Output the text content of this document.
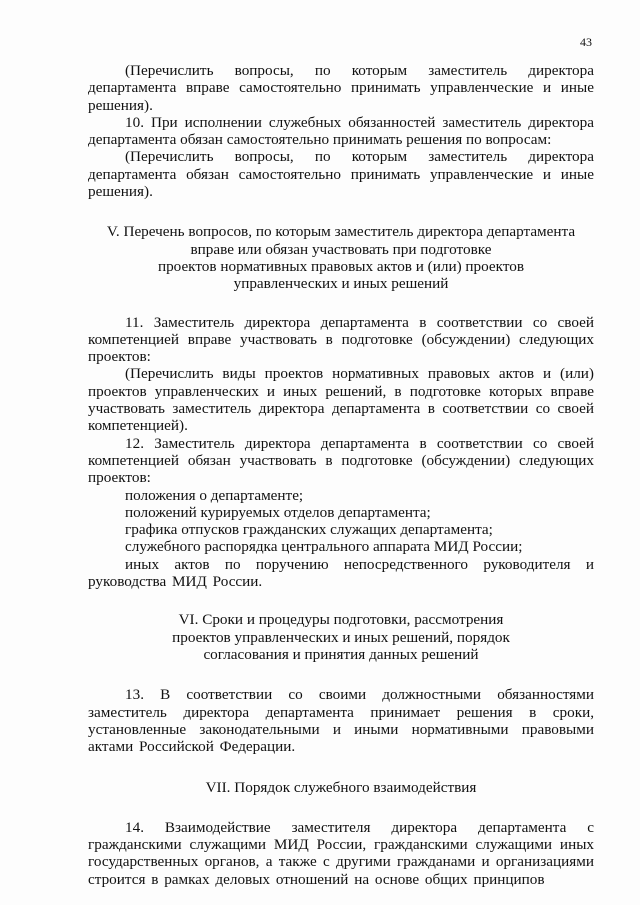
43

(Перечислить вопросы, по которым заместитель директора департамента вправе самостоятельно принимать управленческие и иные решения).

10. При исполнении служебных обязанностей заместитель директора департамента обязан самостоятельно принимать решения по вопросам:

(Перечислить вопросы, по которым заместитель директора департамента обязан самостоятельно принимать управленческие и иные решения).

V. Перечень вопросов, по которым заместитель директора департамента

вправе или обязан участвовать при подготовке

проектов нормативных правовых актов и (или) проектов

управленческих и иных решений

11. Заместитель директора департамента в соответствии со своей компетенцией вправе участвовать в подготовке (обсуждении) следующих проектов:

(Перечислить виды проектов нормативных правовых актов и (или) проектов управленческих и иных решений, в подготовке которых вправе участвовать заместитель директора департамента в соответствии со своей компетенцией).

12. Заместитель директора департамента в соответствии со своей компетенцией обязан участвовать в подготовке (обсуждении) следующих проектов:

положения о департаменте;

положений курируемых отделов департамента;

графика отпусков гражданских служащих департамента;

служебного распорядка центрального аппарата МИД России;

иных актов по поручению непосредственного руководителя и руководства МИД России.

VI. Сроки и процедуры подготовки, рассмотрения

проектов управленческих и иных решений, порядок

согласования и принятия данных решений

13. В соответствии со своими должностными обязанностями заместитель директора департамента принимает решения в сроки, установленные законодательными и иными нормативными правовыми актами Российской Федерации.

VII. Порядок служебного взаимодействия

14. Взаимодействие заместителя директора департамента с гражданскими служащими МИД России, гражданскими служащими иных государственных органов, а также с другими гражданами и организациями строится в рамках деловых отношений на основе общих принципов
